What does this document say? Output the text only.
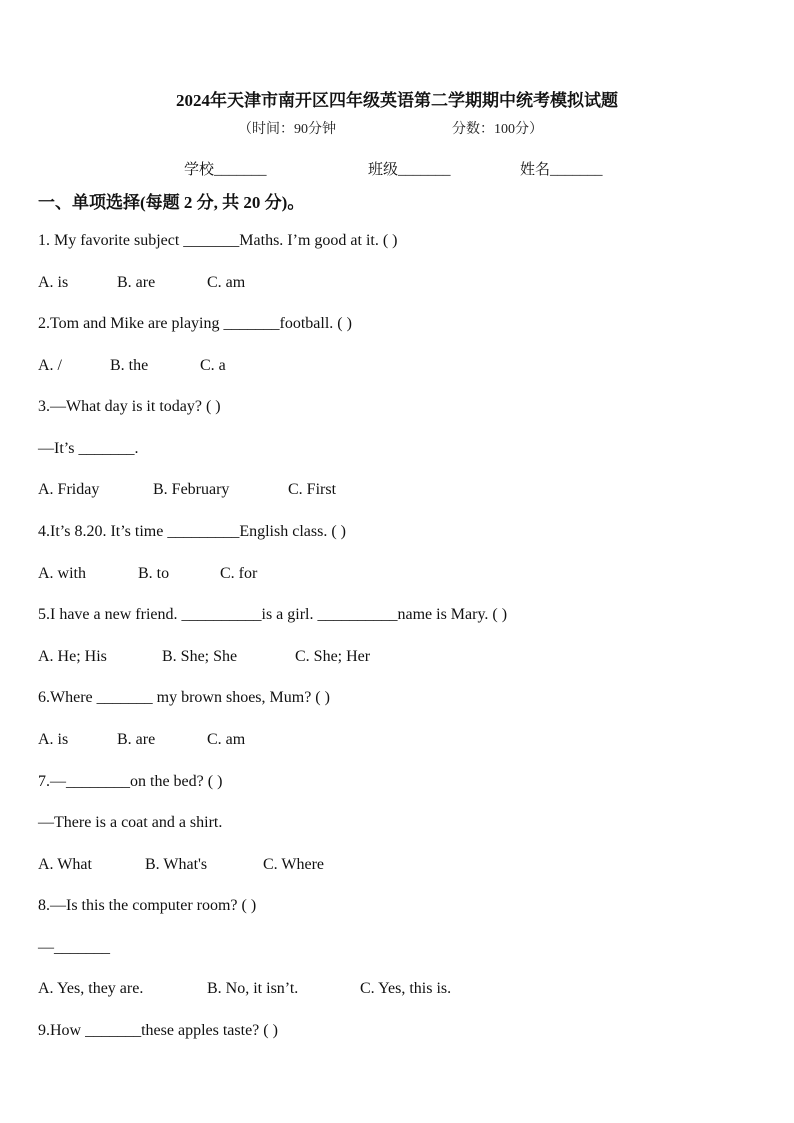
2024年天津市南开区四年级英语第二学期期中统考模拟试题
（时间：90分钟	分数：100分）
学校_______	班级_______	姓名_______
一、单项选择(每题 2 分, 共 20 分)。
1. My favorite subject _______Maths. I’m good at it. ( )
A. is	B. are	C. am
2.Tom and Mike are playing _______football. ( )
A. /	B. the	C. a
3.—What day is it today? ( )
—It’s _______.
A. Friday	B. February	C. First
4.It’s 8.20. It’s time _________English class. ( )
A. with	B. to	C. for
5.I have a new friend. __________is a girl. __________name is Mary. ( )
A. He; His	B. She; She	C. She; Her
6.Where _______ my brown shoes, Mum? ( )
A. is	B. are	C. am
7.—________on the bed? ( )
—There is a coat and a shirt.
A. What	B. What's	C. Where
8.—Is this the computer room? ( )
—_______
A. Yes, they are.	B. No, it isn’t.	C. Yes, this is.
9.How _______these apples taste? ( )
